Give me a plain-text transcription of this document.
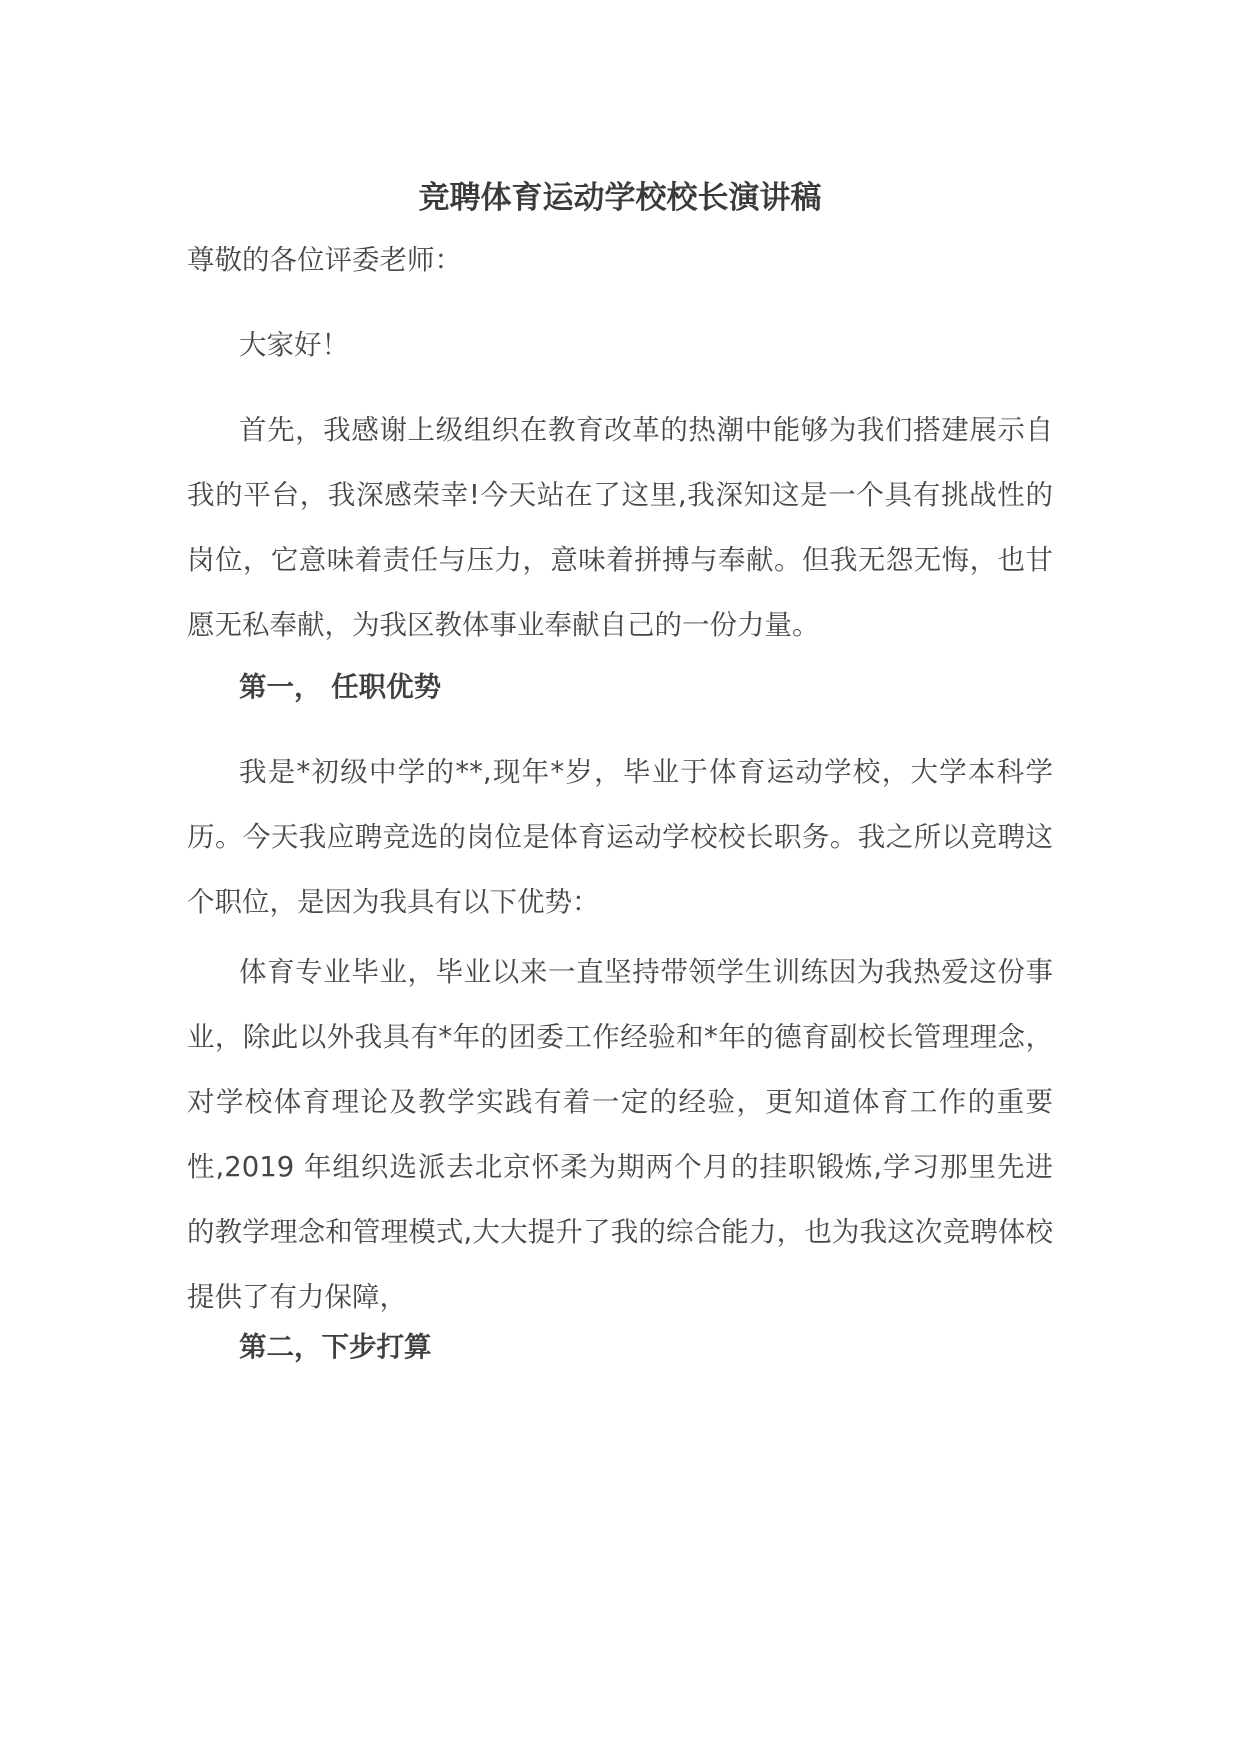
竞聘体育运动学校校长演讲稿

尊敬的各位评委老师：

大家好！

首先，我感谢上级组织在教育改革的热潮中能够为我们搭建展示自我的平台，我深感荣幸!今天站在了这里,我深知这是一个具有挑战性的岗位，它意味着责任与压力，意味着拼搏与奉献。但我无怨无悔，也甘愿无私奉献，为我区教体事业奉献自己的一份力量。

第一， 任职优势

我是*初级中学的**,现年*岁，毕业于体育运动学校，大学本科学历。今天我应聘竞选的岗位是体育运动学校校长职务。我之所以竞聘这个职位，是因为我具有以下优势：

体育专业毕业，毕业以来一直坚持带领学生训练因为我热爱这份事业，除此以外我具有*年的团委工作经验和*年的德育副校长管理理念，对学校体育理论及教学实践有着一定的经验，更知道体育工作的重要性,2019 年组织选派去北京怀柔为期两个月的挂职锻炼,学习那里先进的教学理念和管理模式,大大提升了我的综合能力，也为我这次竞聘体校提供了有力保障，

第二，下步打算
